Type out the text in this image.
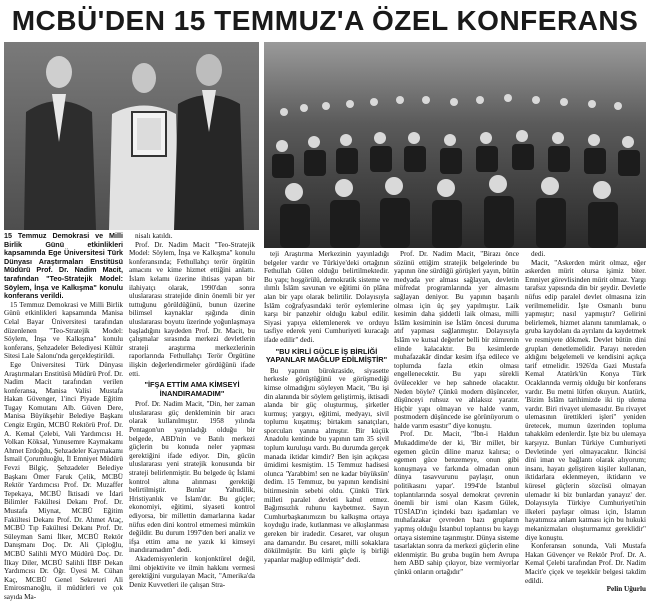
MCBÜ'DEN 15 TEMMUZ'A ÖZEL KONFERANS

15 Temmuz Demokrasi ve Milli Birlik Günü etkinlikleri kapsamında Ege Üniversitesi Türk Dünyası Araştırmaları Enstitüsü Müdürü Prof. Dr. Nadim Macit, tarafından "Teo-Stratejik Model: Söylem, İnşa ve Kalkışma" konulu konferans verildi.

15 Temmuz Demokrasi ve Milli Birlik Günü etkinlikleri kapsamında Manisa Celal Bayar Üniversitesi tarafından düzenlenen "Teo-Stratejik Model: Söylem, İnşa ve Kalkışma" konulu konferans, Şehzadeler Belediyesi Kültür Sitesi Lale Salonu'nda gerçekleştirildi.

Ege Üniversitesi Türk Dünyası Araştırmaları Enstitüsü Müdürü Prof. Dr. Nadim Macit tarafından verilen konferansa, Manisa Valisi Mustafa Hakan Güvenger, 1'inci Piyade Eğitim Tugay Komutanı Alb. Güven Dere, Manisa Büyükşehir Belediye Başkanı Cengiz Ergün, MCBÜ Rektörü Prof. Dr. A. Kemal Çelebi, Vali Yardımcısı H. Volkan Köksal, Yunusemre Kaymakamı Ahmet Erdoğdu, Şehzadeler Kaymakamı İsmail Çorumluoğlu, İl Emniyet Müdürü Fevzi Bilgiç, Şehzadeler Belediye Başkanı Ömer Faruk Çelik, MCBÜ Rektör Yardımcısı Prof. Dr. Muzaffer Tepekaya, MCBÜ İktisadi ve İdari Bilimler Fakültesi Dekanı Prof. Dr. Mustafa Miynat, MCBÜ Eğitim Fakültesi Dekanı Prof. Dr. Ahmet Ataç, MCBÜ Tıp Fakültesi Dekanı Prof. Dr. Süleyman Sami İlker, MCBÜ Rektör Danışmanı Doç. Dr. Ali Çiploğlu, MCBÜ Salihli MYO Müdürü Doç. Dr. İlkay Diler, MCBÜ Salihli İİBF Dekan Yardımcısı Dr. Öğr. Üyesi M. Cühan Kaç, MCBÜ Genel Sekreteri Ali Emirosmanoğlu, il müdürleri ve çok sayıda Ma-

nisalı katıldı.

Prof. Dr. Nadim Macit "Teo-Stratejik Model: Söylem, İnşa ve Kalkışma" konulu konferansında; Fethullahçı terör örgütün amacını ve kime hizmet ettiğini anlattı. İslam kelamı üzerine ihtisas yapan bir ilahiyatçı olarak, 1990'dan sonra uluslararası stratejide dinin önemli bir yer tuttuğunu görüldüğünü, bunun üzerine bilimsel kaynaklar ışığında dinin uluslararası boyutu üzerinde yoğunlaşmaya başladığını kaydeden Prof. Dr. Macit, bu çalışmalar sırasında merkezi devletlerin strateji araştırma merkezlerinin raporlarında Fethullahçı Terör Örgütüne ilişkin değerlendirmeler gördüğünü ifade etti.

"İFŞA ETTİM AMA KİMSEYİ İNANDIRAMADIM"

Prof. Dr. Nadim Macit, "Din, her zaman uluslararası güç denkleminin bir aracı olarak kullanılmıştır. 1958 yılında Pentagon'un yayınladığı olduğu bir belgede, ABD'nin ve Batılı merkezi güçlerin bu konuda neler yapması gerektiğini ifade ediyor. Din, gücün uluslararası yeni stratejik konusunda bir strateji belirlenmiştir. Bu belgede üç İslami kontrol altına alınması gerektiği belirtilmiştir. Bunlar Yahudilik, Hristiyanlık ve İslam'dır. Bu güçler; ekonomiyi, eğitimi, siyaseti kontrol ediyorsa, bir millettin damarlarına kadar nüfus eden dini kontrol etmemesi mümkün değildir. Bu durum 1997'den beri analiz ve ifşa ettim ama ne yazık ki kimseyi inandıramadım" dedi.

Akademisyenlerin konjonktürel değil, ilmi objektivite ve ilmin hakkını vermesi gerektiğini vurgulayan Macit, "Amerika'da Deniz Kuvvetleri ile çalışan Stra-

teji Araştırma Merkezinin yayınladığı belgeler vardır ve Türkiye'deki ortağının Fethullah Gülen olduğu belirtilmektedir. Bu yapı; hoşgörülü, demokratik sisteme ve ılımlı İslâm savunan ve eğitimi ön plâna alan bir yapı olarak belirtilir. Dolayısıyla İslâm coğrafyasındaki terör eylemlerine karşı bir panzehir olduğu kabul edilir. Siyasi yapıya eklemlenerek ve orduyu tasfiye ederek yeni Cumhuriyeti kuracağı ifade edilir" dedi.

"BU KİRLİ GÜCLE İŞ BİRLİĞİ YAPANLAR MAĞLUP EDİLMİŞTİR"

Bu yapının bürokraside, siyasette herkesle görüştüğünü ve görüşmediği kimse olmadığını söyleyen Macit, "Bu işi din alanında bir söylem geliştirmiş, iktisadi alanda bir güç oluşturmuş, şirketler kurmuş; yargıyı, eğitimi, medyayı, sivil toplumu kuşatmış; birtakım sanatçıları, sporcuları yanına almıştır. Bir küçük Anadolu kentinde bu yapının tam 35 sivil toplum kuruluşu vardı. Bu durumda gerçek manada iktidar kimdir? Ben işin açıkçası ümidimi kesmiştim. 15 Temmuz hadisesi olunca 'Yarabbim! sen ne kadar büyüksün' dedim. 15 Temmuz, bu yapının kendisini bitirmesinin sebebi oldu. Çünkü Türk milleti paralel devleti kabul etmez. Bağımsızlık ruhunu kaybetmez. Sayın Cumhurbaşkanımızın bu kalkışma ortaya koyduğu irade, kutlanması ve alkışlanması gereken bir iradedir. Cesaret, var oluşun ana damarıdır. Bu cesaret, milli sokaklara dökülmüştür. Bu kirli güçle iş birliği yapanlar mağlup edilmiştir" dedi.

Prof. Dr. Nadim Macit, "Birazı önce sözünü ettiğim stratejik belgelerinde bu yapının öne sürdüğü görüşleri yayın, bütün medyada yer alması sağlayan, devletin müfredat programlarında yer almasını sağlayan deniyor. Bu yapının başarılı olması için üç şey yapılmıştır. Laik kesimin daha şiddetli laik olması, milli İslâm kesiminin ise İslâm öncesi duruma atıf yapması sağlanmıştır. Dolayısıyla İslâm ve kutsal değerler belli bir zümrenin elinde kalacaktır. Bu kesimlerde muhafazakâr dindar kesim ifşa edilece ve toplumda fazla etkin olması engellenecektir. Bu yapı sürekli övülecekler ve hep sahnede olacaktır. Neden böyle? Çünkü modern düşünceler, düşünceyi ruhsuz ve ahlaksız yaratır. Hiçbir yapı olmayan ve halde vanm, postmodern düşüncede ise görünüyorum o halde varım esastır" diye konuştu.

Prof. Dr. Macit, "İbn-i Haldun Mukaddime'de der ki, 'Bir millet, bir egemen gücün diline maruz kalırsa; o egemen güce benzemeye, onun gibi konuşmaya ve farkında olmadan onun dünya tasavvurunu paylaşır, onun politikasını yapar'. 1994'de İstanbul toplantılarında sosyal demokrat çevrenin önemli bir ismi olan Kasım Gülek, TÜSİAD'ın içindeki bazı işadamları ve muhafazakar çevreden bazı grupların yapmış olduğu İstanbul toplantısı bu kaygı ortaya sistemine taşınmıştır. Dünya sisteme tasarlaktan sonra da merkezi güçlerin eline eklenmiştir. Bu gruba bugün hem Avrupa hem ABD sahip çıkıyor, bize vermiyorlar çünkü onların ortağıdır"

dedi.

Macit, "Askerden mürit olmaz, eğer askerden mürit olursa işimiz biter. Emniyet görevlisinden mürit olmaz. Yargı tarafsız yapısında din bir şeydir. Devletle nüfus edip paralel devlet olmasına izin verilmemelidir. İşte Osmanlı bunu yapmıştır; nasıl yapmıştır? Gelirini belirlemek, hizmet alanını tanımlamak, o gruba kaydolanı da ayrılanı da kaydetmek ve resmiyete dökmek. Devlet bütün dini grupları denetlemelidir. Parayı nereden aldığını belgelemeli ve kendisini açıkça tarif etmelidir. 1926'da Gazi Mustafa Kemal Atatürk'ün Konya Türk Ocaklarında vermiş olduğu bir konferans vardır. Bu metni lütfen okuyun. Atatürk, 'Bizim İslâm tarihimizde iki tip ulema vardır. Biri rivayet ulemasıdır. Bu rivayet ulemasının ürettikleri işleri'' yeniden üretecek, mumun üzerinden topluma tahakküm edenlerdir. İşte biz bu ulemaya karşıyız. Bunları Türkiye Cumhuriyeti Devletinde yeri olmayacaktır. İkincisi dini iman ve bağlantı olarak alıyorum; insanı, hayatı geliştiren kişiler kullanan, iktidarlara eklenmeyen, iktidarın ve küresel güçlerin sözcüsü olmayan ulemadır ki biz bunlardan yanayız' der. Dolayısıyla Türkiye Cumhuriyeti'nin ilkeleri paylaşır olması için, İslamın hayatımıza anlam katması için bu hukuki mekanizmaları oluşturmamız gereklidir" diye konuştu.

Konferansın sonunda, Vali Mustafa Hakan Güvençer ve Rektör Prof. Dr. A. Kemal Çelebi tarafından Prof. Dr. Nadim Macit'e çiçek ve teşekkür belgesi takdim edildi.

Pelin Uğurlu
